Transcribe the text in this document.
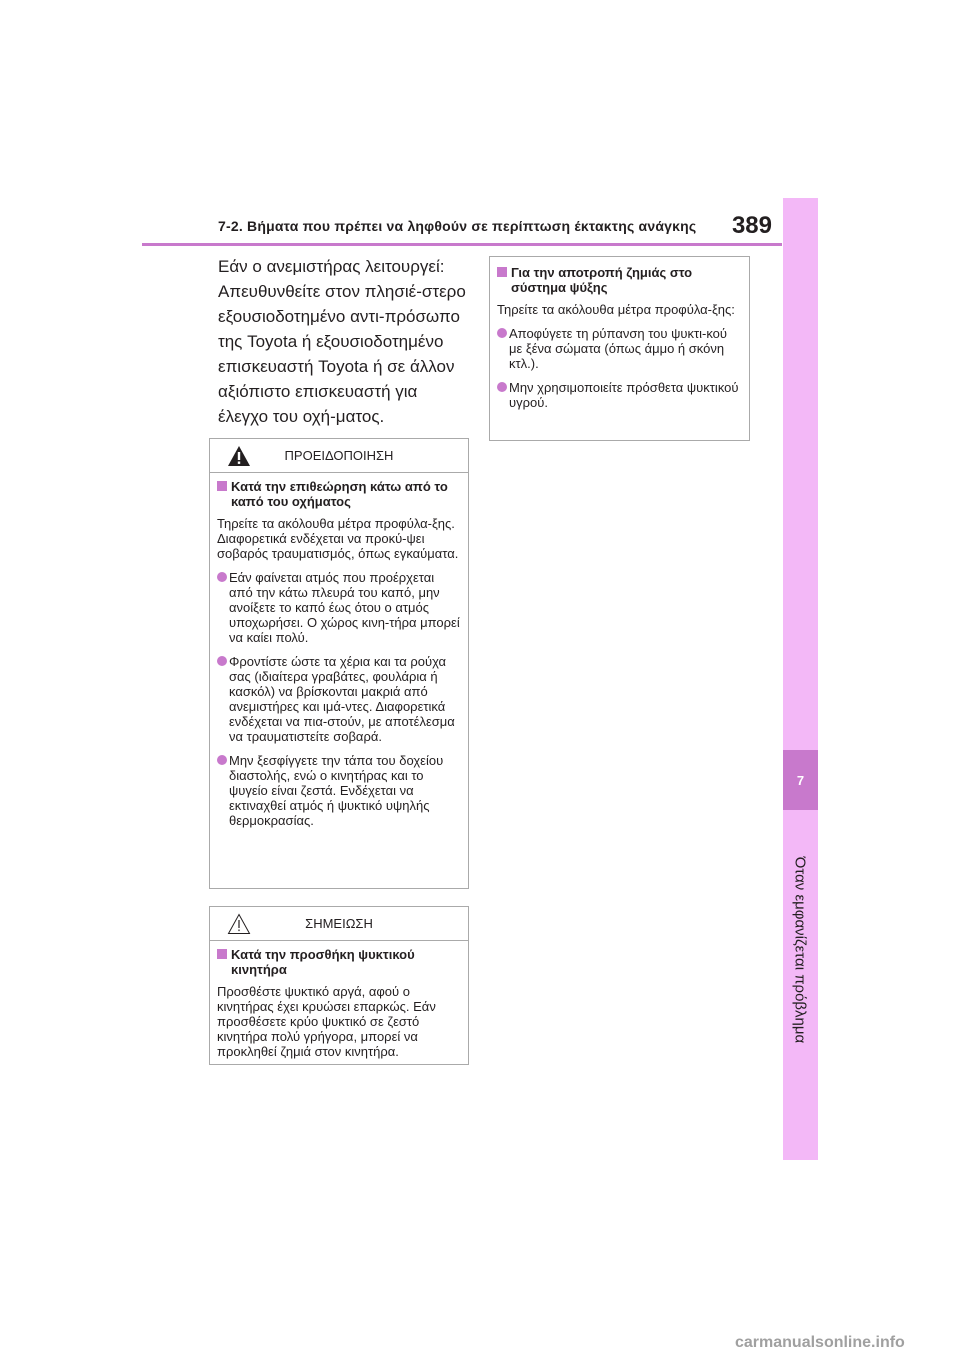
7-2. Βήματα που πρέπει να ληφθούν σε περίπτωση έκτακτης ανάγκης 389
7
Όταν εμφανίζεται πρόβλημα
Εάν ο ανεμιστήρας λειτουργεί: Απευθυνθείτε στον πλησιέ-στερο εξουσιοδοτημένο αντι-πρόσωπο της Toyota ή εξουσιοδοτημένο επισκευαστή Toyota ή σε άλλον αξιόπιστο επισκευαστή για έλεγχο του οχή-ματος.
ΠΡΟΕΙΔΟΠΟΙΗΣΗ
Κατά την επιθεώρηση κάτω από το καπό του οχήματος
Τηρείτε τα ακόλουθα μέτρα προφύλα-ξης. Διαφορετικά ενδέχεται να προκύ-ψει σοβαρός τραυματισμός, όπως εγκαύματα.
Εάν φαίνεται ατμός που προέρχεται από την κάτω πλευρά του καπό, μην ανοίξετε το καπό έως ότου ο ατμός υποχωρήσει. Ο χώρος κινη-τήρα μπορεί να καίει πολύ.
Φροντίστε ώστε τα χέρια και τα ρούχα σας (ιδιαίτερα γραβάτες, φουλάρια ή κασκόλ) να βρίσκονται μακριά από ανεμιστήρες και ιμά-ντες. Διαφορετικά ενδέχεται να πια-στούν, με αποτέλεσμα να τραυματιστείτε σοβαρά.
Μην ξεσφίγγετε την τάπα του δοχείου διαστολής, ενώ ο κινητήρας και το ψυγείο είναι ζεστά. Ενδέχεται να εκτιναχθεί ατμός ή ψυκτικό υψηλής θερμοκρασίας.
ΣΗΜΕΙΩΣΗ
Κατά την προσθήκη ψυκτικού κινητήρα
Προσθέστε ψυκτικό αργά, αφού ο κινητήρας έχει κρυώσει επαρκώς. Εάν προσθέσετε κρύο ψυκτικό σε ζεστό κινητήρα πολύ γρήγορα, μπορεί να προκληθεί ζημιά στον κινητήρα.
Για την αποτροπή ζημιάς στο σύστημα ψύξης
Τηρείτε τα ακόλουθα μέτρα προφύλα-ξης:
Αποφύγετε τη ρύπανση του ψυκτι-κού με ξένα σώματα (όπως άμμο ή σκόνη κτλ.).
Μην χρησιμοποιείτε πρόσθετα ψυκτικού υγρού.
carmanualsonline.info
